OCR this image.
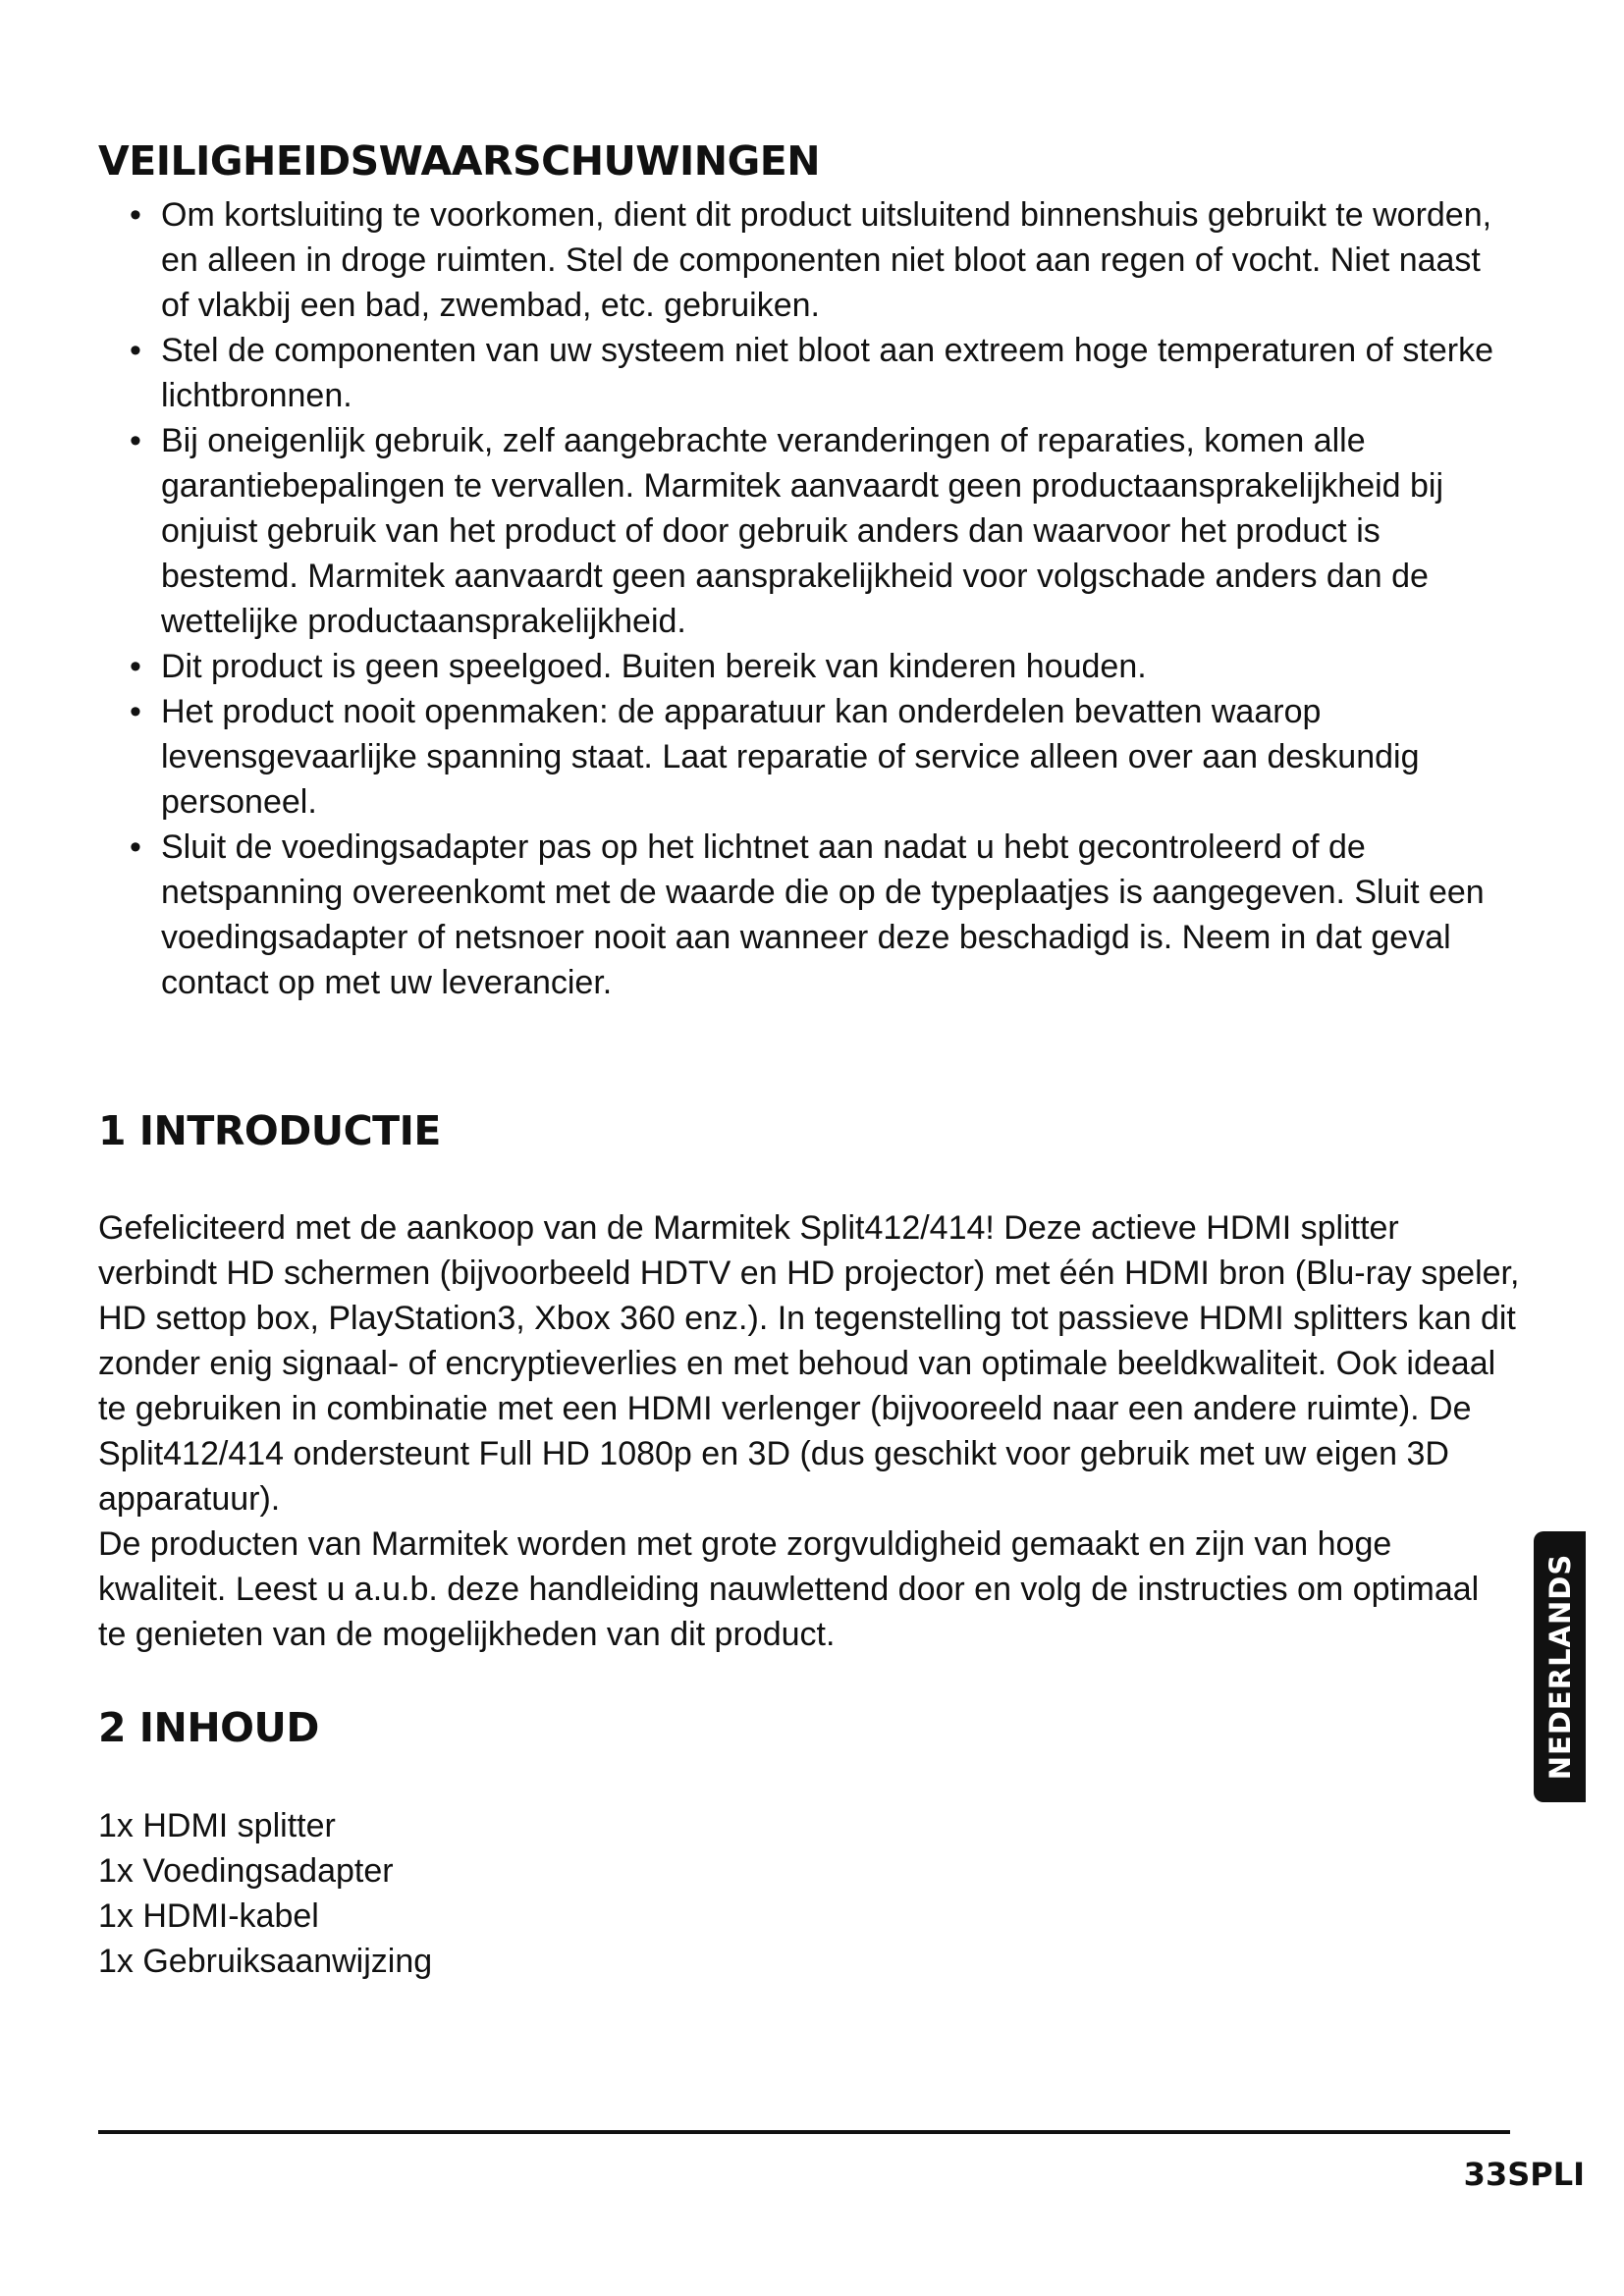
VEILIGHEIDSWAARSCHUWINGEN
• Om kortsluiting te voorkomen, dient dit product uitsluitend binnenshuis gebruikt te worden, en alleen in droge ruimten. Stel de componenten niet bloot aan regen of vocht. Niet naast of vlakbij een bad, zwembad, etc. gebruiken.
• Stel de componenten van uw systeem niet bloot aan extreem hoge temperaturen of sterke lichtbronnen.
• Bij oneigenlijk gebruik, zelf aangebrachte veranderingen of reparaties, komen alle garantiebepalingen te vervallen. Marmitek aanvaardt geen productaansprakelijkheid bij onjuist gebruik van het product of door gebruik anders dan waarvoor het product is bestemd. Marmitek aanvaardt geen aansprakelijkheid voor volgschade anders dan de wettelijke productaansprakelijkheid.
• Dit product is geen speelgoed. Buiten bereik van kinderen houden.
• Het product nooit openmaken: de apparatuur kan onderdelen bevatten waarop levensgevaarlijke spanning staat. Laat reparatie of service alleen over aan deskundig personeel.
• Sluit de voedingsadapter pas op het lichtnet aan nadat u hebt gecontroleerd of de netspanning overeenkomt met de waarde die op de typeplaatjes is aangegeven. Sluit een voedingsadapter of netsnoer nooit aan wanneer deze beschadigd is. Neem in dat geval contact op met uw leverancier.
1 INTRODUCTIE

Gefeliciteerd met de aankoop van de Marmitek Split412/414! Deze actieve HDMI splitter verbindt HD schermen (bijvoorbeeld HDTV en HD projector) met één HDMI bron (Blu-ray speler, HD settop box, PlayStation3, Xbox 360 enz.). In tegenstelling tot passieve HDMI splitters kan dit zonder enig signaal- of encryptieverlies en met behoud van optimale beeldkwaliteit. Ook ideaal te gebruiken in combinatie met een HDMI verlenger (bijvooreeld naar een andere ruimte). De Split412/414 ondersteunt Full HD 1080p en 3D (dus geschikt voor gebruik met uw eigen 3D apparatuur).

De producten van Marmitek worden met grote zorgvuldigheid gemaakt en zijn van hoge kwaliteit. Leest u a.u.b. deze handleiding nauwlettend door en volg de instructies om optimaal te genieten van de mogelijkheden van dit product.

2 INHOUD
1x HDMI splitter
1x Voedingsadapter
1x HDMI-kabel
1x Gebruiksaanwijzing
NEDERLANDS

33SPLI
